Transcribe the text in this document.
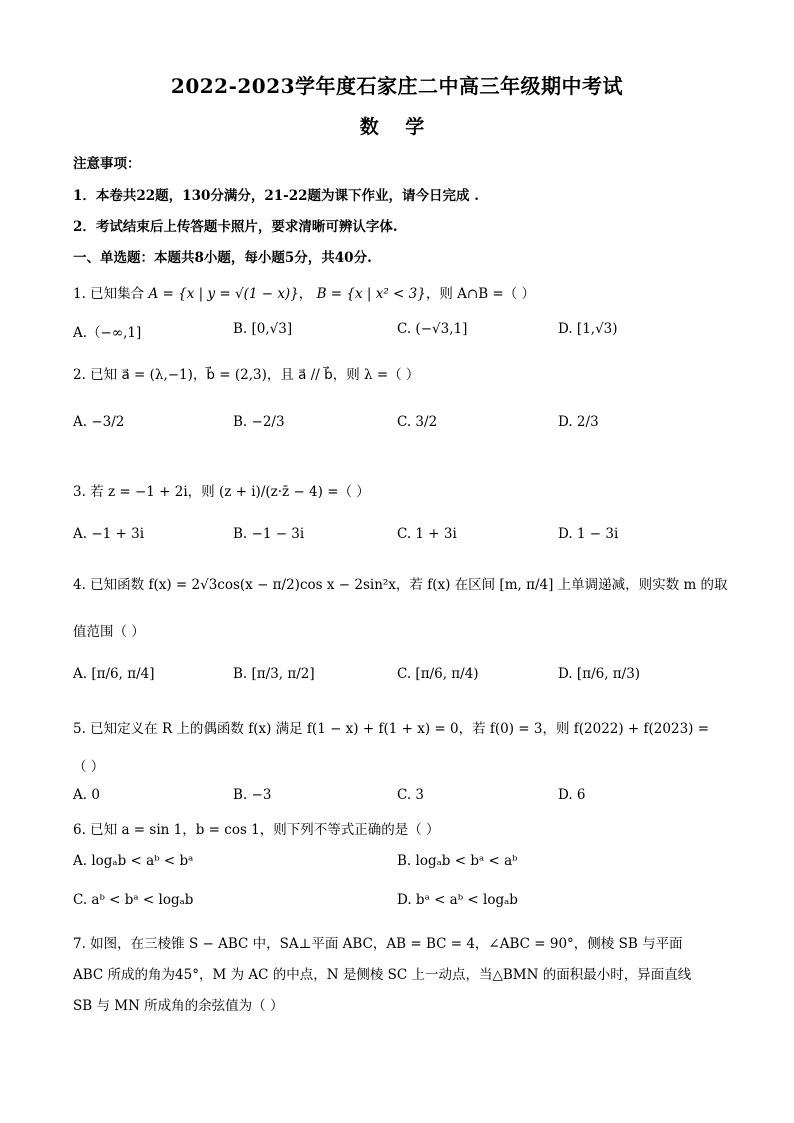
2022-2023学年度石家庄二中高三年级期中考试
数 学
注意事项：
1．本卷共22题，130分满分，21-22题为课下作业，请今日完成 .
2．考试结束后上传答题卡照片，要求清晰可辨认字体.
一、单选题：本题共8小题，每小题5分，共40分.
1. 已知集合 A = {x | y = √(1 − x)}， B = {x | x² < 3}，则 A∩B =（ ）
A.（−∞,1]	B. [0,√3]	C. (−√3,1]	D. [1,√3)
2. 已知 a⃗ = (λ,−1)，b⃗ = (2,3)，且 a⃗ // b⃗，则 λ =（ ）
A. −3/2	B. −2/3	C. 3/2	D. 2/3
3. 若 z = −1 + 2i，则 (z + i)/(z·z̄ − 4) =（ ）
A. −1 + 3i	B. −1 − 3i	C. 1 + 3i	D. 1 − 3i
4. 已知函数 f(x) = 2√3cos(x − π/2)cos x − 2sin²x，若 f(x) 在区间 [m, π/4] 上单调递减，则实数 m 的取
值范围（ ）
A. [π/6, π/4]	B. [π/3, π/2]	C. [π/6, π/4)	D. [π/6, π/3)
5. 已知定义在 R 上的偶函数 f(x) 满足 f(1 − x) + f(1 + x) = 0，若 f(0) = 3，则 f(2022) + f(2023) =
（ ）
A. 0	B. −3	C. 3	D. 6
6. 已知 a = sin 1，b = cos 1，则下列不等式正确的是（ ）
A. logₐb < aᵇ < bᵃ	B. logₐb < bᵃ < aᵇ
C. aᵇ < bᵃ < logₐb	D. bᵃ < aᵇ < logₐb
7. 如图，在三棱锥 S − ABC 中，SA⊥平面 ABC，AB = BC = 4，∠ABC = 90°，侧棱 SB 与平面
ABC 所成的角为45°，M 为 AC 的中点，N 是侧棱 SC 上一动点，当△BMN 的面积最小时，异面直线
SB 与 MN 所成角的余弦值为（ ）
